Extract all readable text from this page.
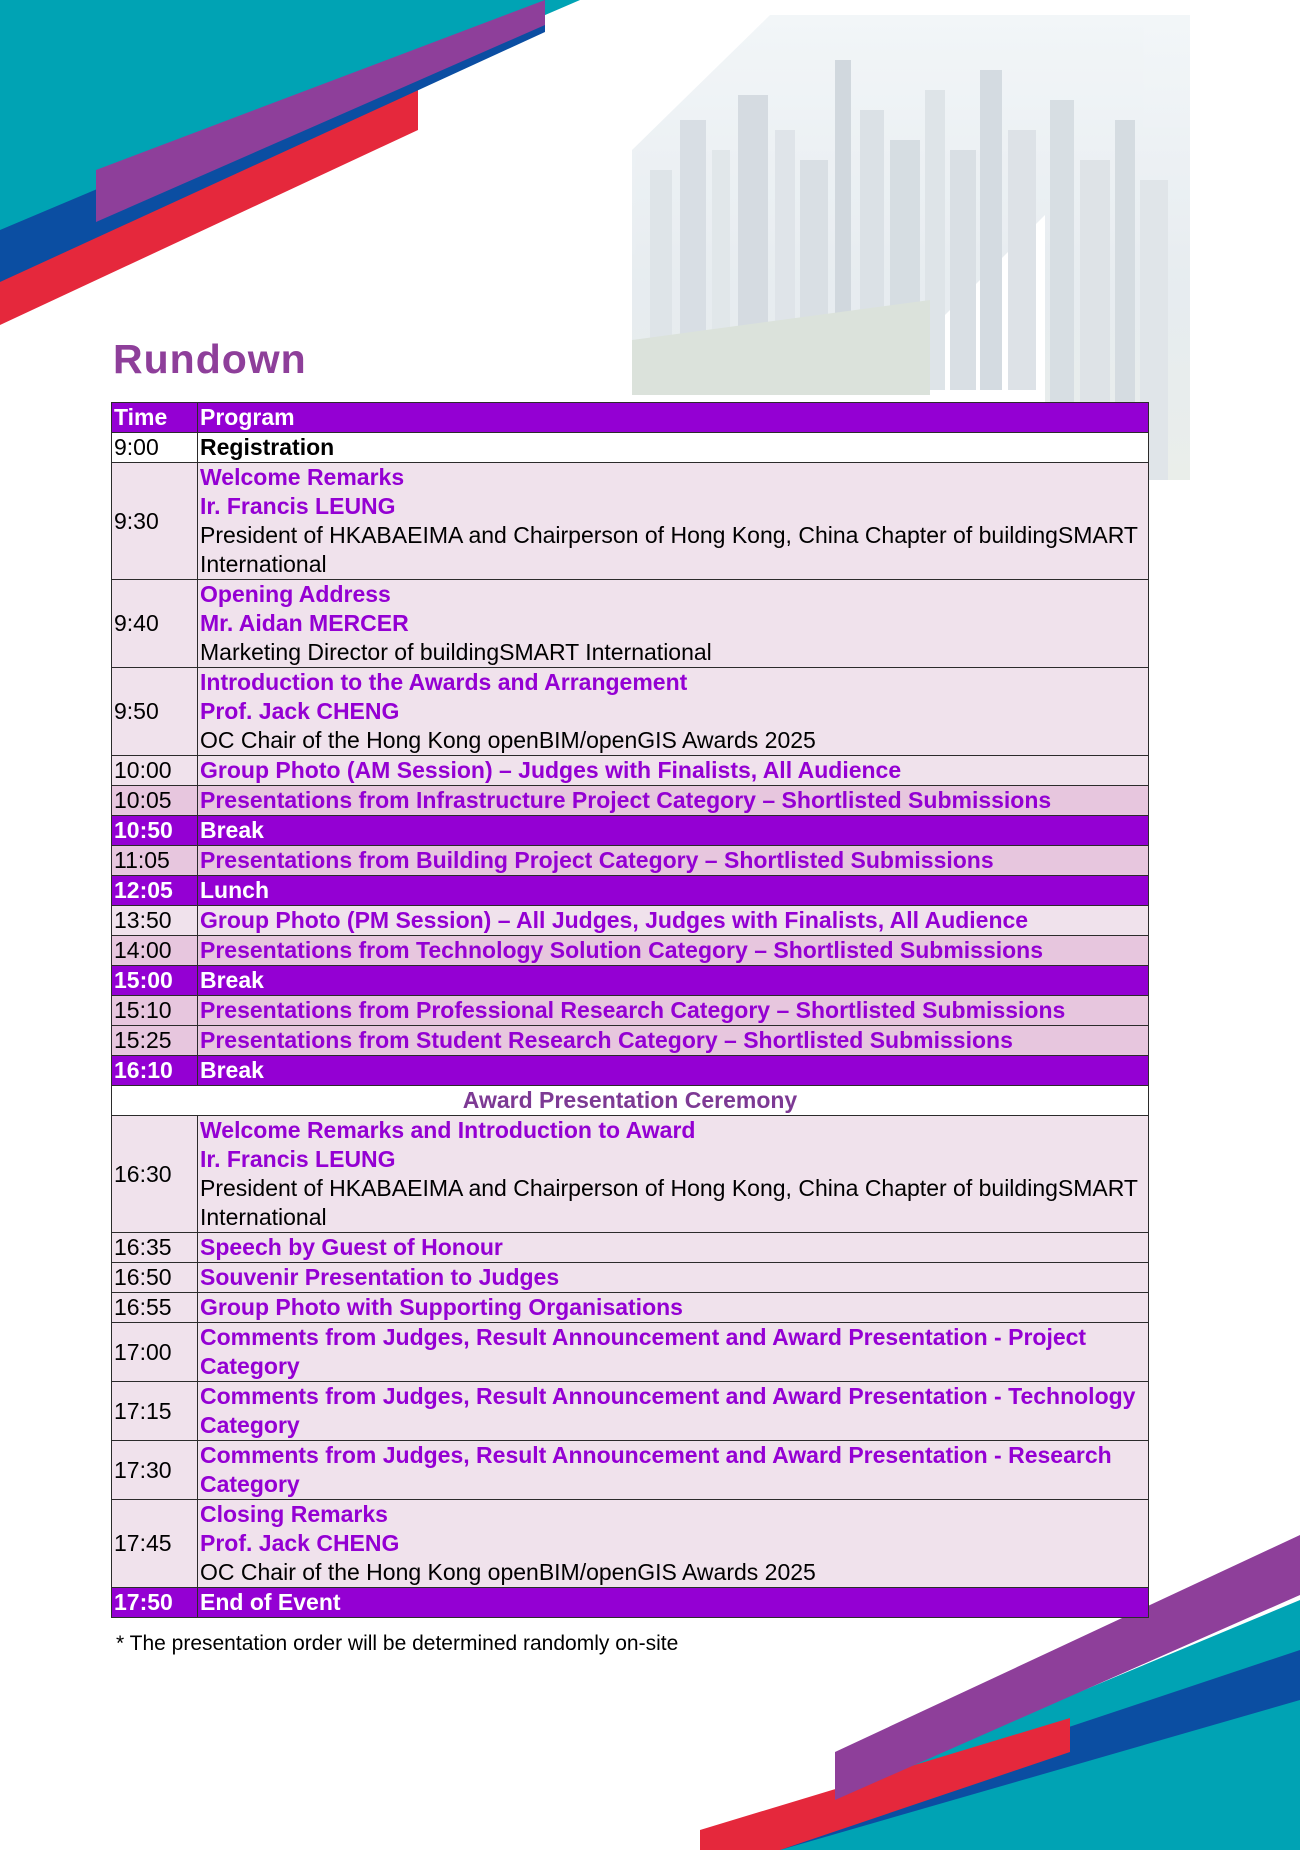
Rundown
Time	Program
9:00	Registration

9:30	Welcome Remarks
Ir. Francis LEUNG
President of HKABAEIMA and Chairperson of Hong Kong, China Chapter of buildingSMART International

9:40	Opening Address
Mr. Aidan MERCER
Marketing Director of buildingSMART International

9:50	Introduction to the Awards and Arrangement
Prof. Jack CHENG
OC Chair of the Hong Kong openBIM/openGIS Awards 2025

10:00	Group Photo (AM Session) – Judges with Finalists, All Audience

10:05	Presentations from Infrastructure Project Category – Shortlisted Submissions

10:50	Break
11:05	Presentations from Building Project Category – Shortlisted Submissions

12:05	Lunch
13:50	Group Photo (PM Session) – All Judges, Judges with Finalists, All Audience

14:00	Presentations from Technology Solution Category – Shortlisted Submissions

15:00	Break
15:10	Presentations from Professional Research Category – Shortlisted Submissions

15:25	Presentations from Student Research Category – Shortlisted Submissions

16:10	Break
Award Presentation Ceremony	
16:30	Welcome Remarks and Introduction to Award
Ir. Francis LEUNG
President of HKABAEIMA and Chairperson of Hong Kong, China Chapter of buildingSMART International

16:35	Speech by Guest of Honour

16:50	Souvenir Presentation to Judges

16:55	Group Photo with Supporting Organisations

17:00	Comments from Judges, Result Announcement and Award Presentation - Project Category

17:15	Comments from Judges, Result Announcement and Award Presentation - Technology Category

17:30	Comments from Judges, Result Announcement and Award Presentation - Research Category

17:45	Closing Remarks
Prof. Jack CHENG
OC Chair of the Hong Kong openBIM/openGIS Awards 2025

17:50	End of Event
* The presentation order will be determined randomly on-site
